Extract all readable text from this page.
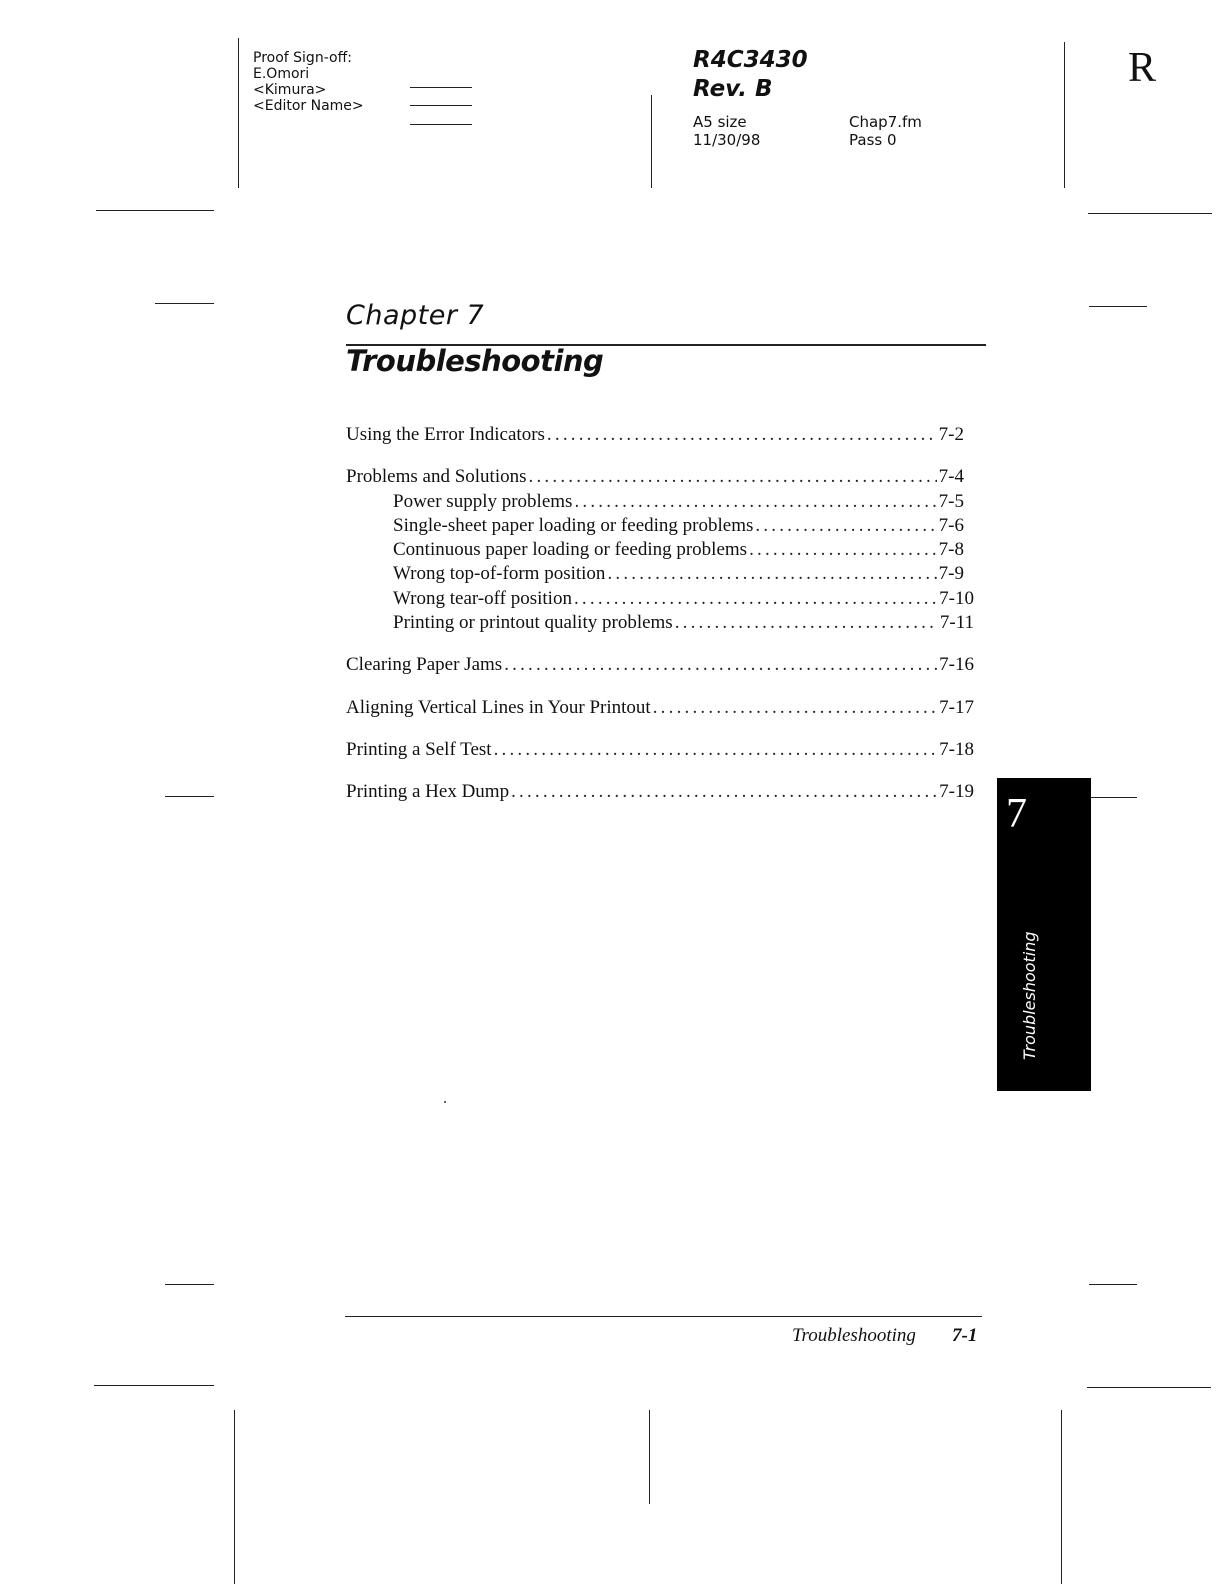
Proof Sign-off:
E.Omori
<Kimura>
<Editor Name>
R4C3430
Rev. B
A5 size
11/30/98
Chap7.fm
Pass 0
R
Chapter 7
Troubleshooting
Using the Error Indicators .....	7-2
Problems and Solutions .....	7-4
Power supply problems .....	7-5
Single-sheet paper loading or feeding problems .....	7-6
Continuous paper loading or feeding problems .....	7-8
Wrong top-of-form position .....	7-9
Wrong tear-off position .....	7-10
Printing or printout quality problems .....	7-11
Clearing Paper Jams .....	7-16
Aligning Vertical Lines in Your Printout .....	7-17
Printing a Self Test .....	7-18
Printing a Hex Dump .....	7-19 7
Troubleshooting
Troubleshooting 7-1
